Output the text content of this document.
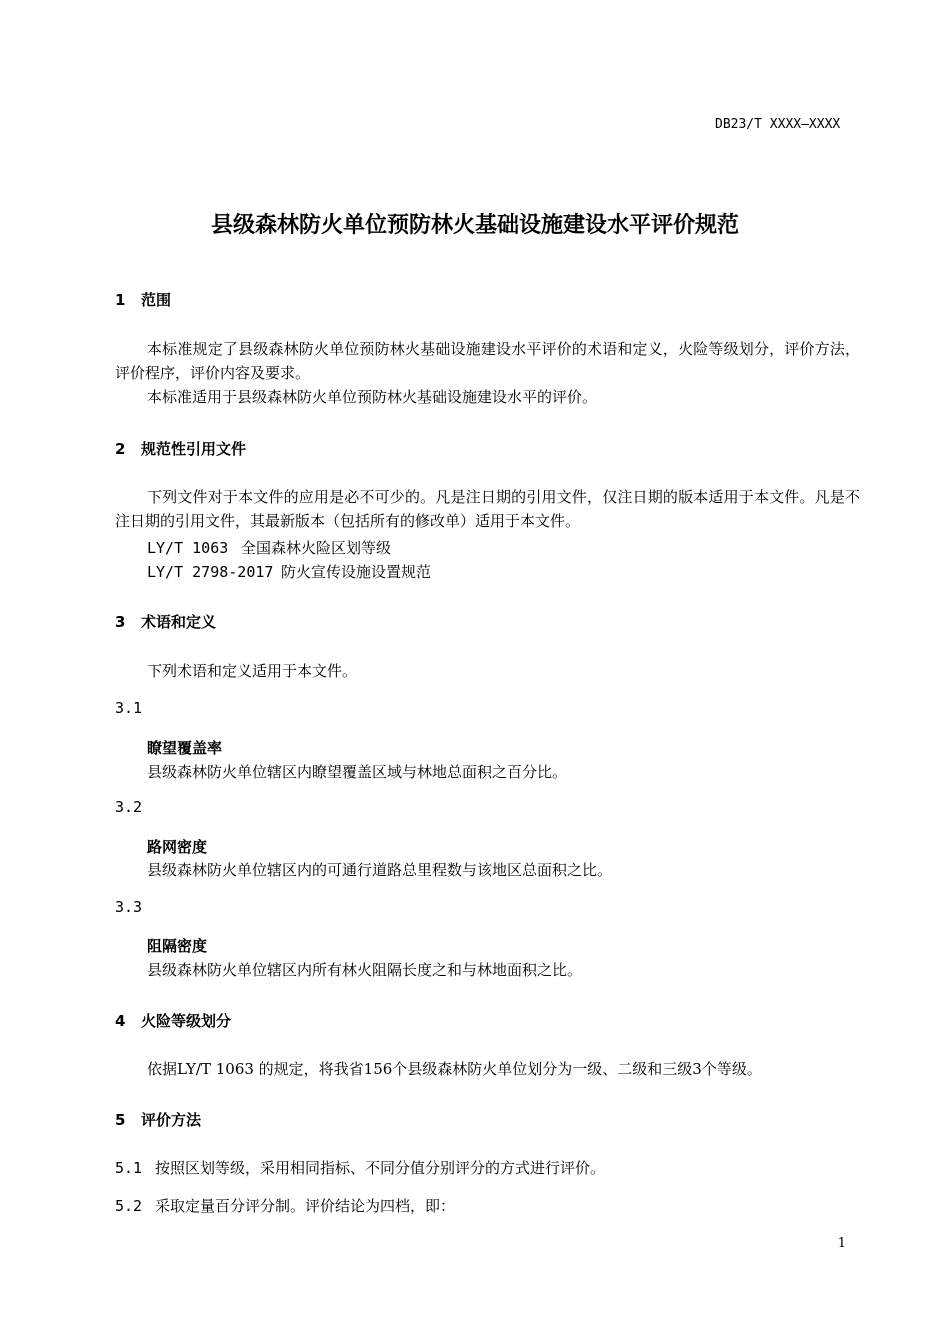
DB23/T XXXX—XXXX
县级森林防火单位预防林火基础设施建设水平评价规范
1 范围
本标准规定了县级森林防火单位预防林火基础设施建设水平评价的术语和定义，火险等级划分，评价方法，评价程序，评价内容及要求。
本标准适用于县级森林防火单位预防林火基础设施建设水平的评价。
2 规范性引用文件
下列文件对于本文件的应用是必不可少的。凡是注日期的引用文件，仅注日期的版本适用于本文件。凡是不注日期的引用文件，其最新版本（包括所有的修改单）适用于本文件。
LY/T 1063 全国森林火险区划等级
LY/T 2798-2017 防火宣传设施设置规范
3 术语和定义
下列术语和定义适用于本文件。
3.1
瞭望覆盖率
县级森林防火单位辖区内瞭望覆盖区域与林地总面积之百分比。
3.2
路网密度
县级森林防火单位辖区内的可通行道路总里程数与该地区总面积之比。
3.3
阻隔密度
县级森林防火单位辖区内所有林火阻隔长度之和与林地面积之比。
4 火险等级划分
依据LY/T 1063 的规定，将我省156个县级森林防火单位划分为一级、二级和三级3个等级。
5 评价方法
5.1 按照区划等级，采用相同指标、不同分值分别评分的方式进行评价。
5.2 采取定量百分评分制。评价结论为四档，即：
1
